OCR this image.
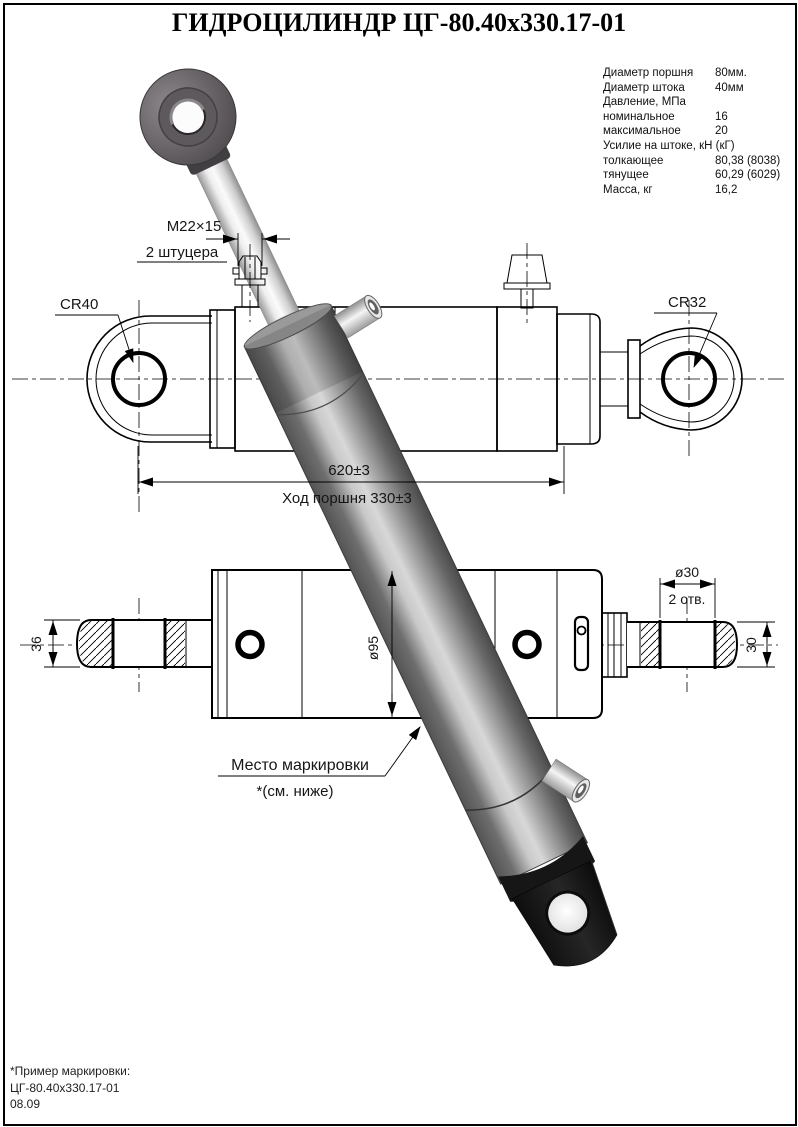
ГИДРОЦИЛИНДР ЦГ-80.40х330.17-01
Диаметр поршня	80мм.
Диаметр штока	40мм
Давление, МПа
номинальное	16
максимальное	20
Усилие на штоке, кН (кГ)
толкающее	80,38 (8038)
тянущее	60,29 (6029)
Масса, кг	16,2
М22×15
2 штуцера
CR40	CR32
620±3
Ход поршня 330±3
ø95
ø30
2 отв.
36	30
Место маркировки
*(см. ниже)
*Пример маркировки:
ЦГ-80.40х330.17-01
08.09
